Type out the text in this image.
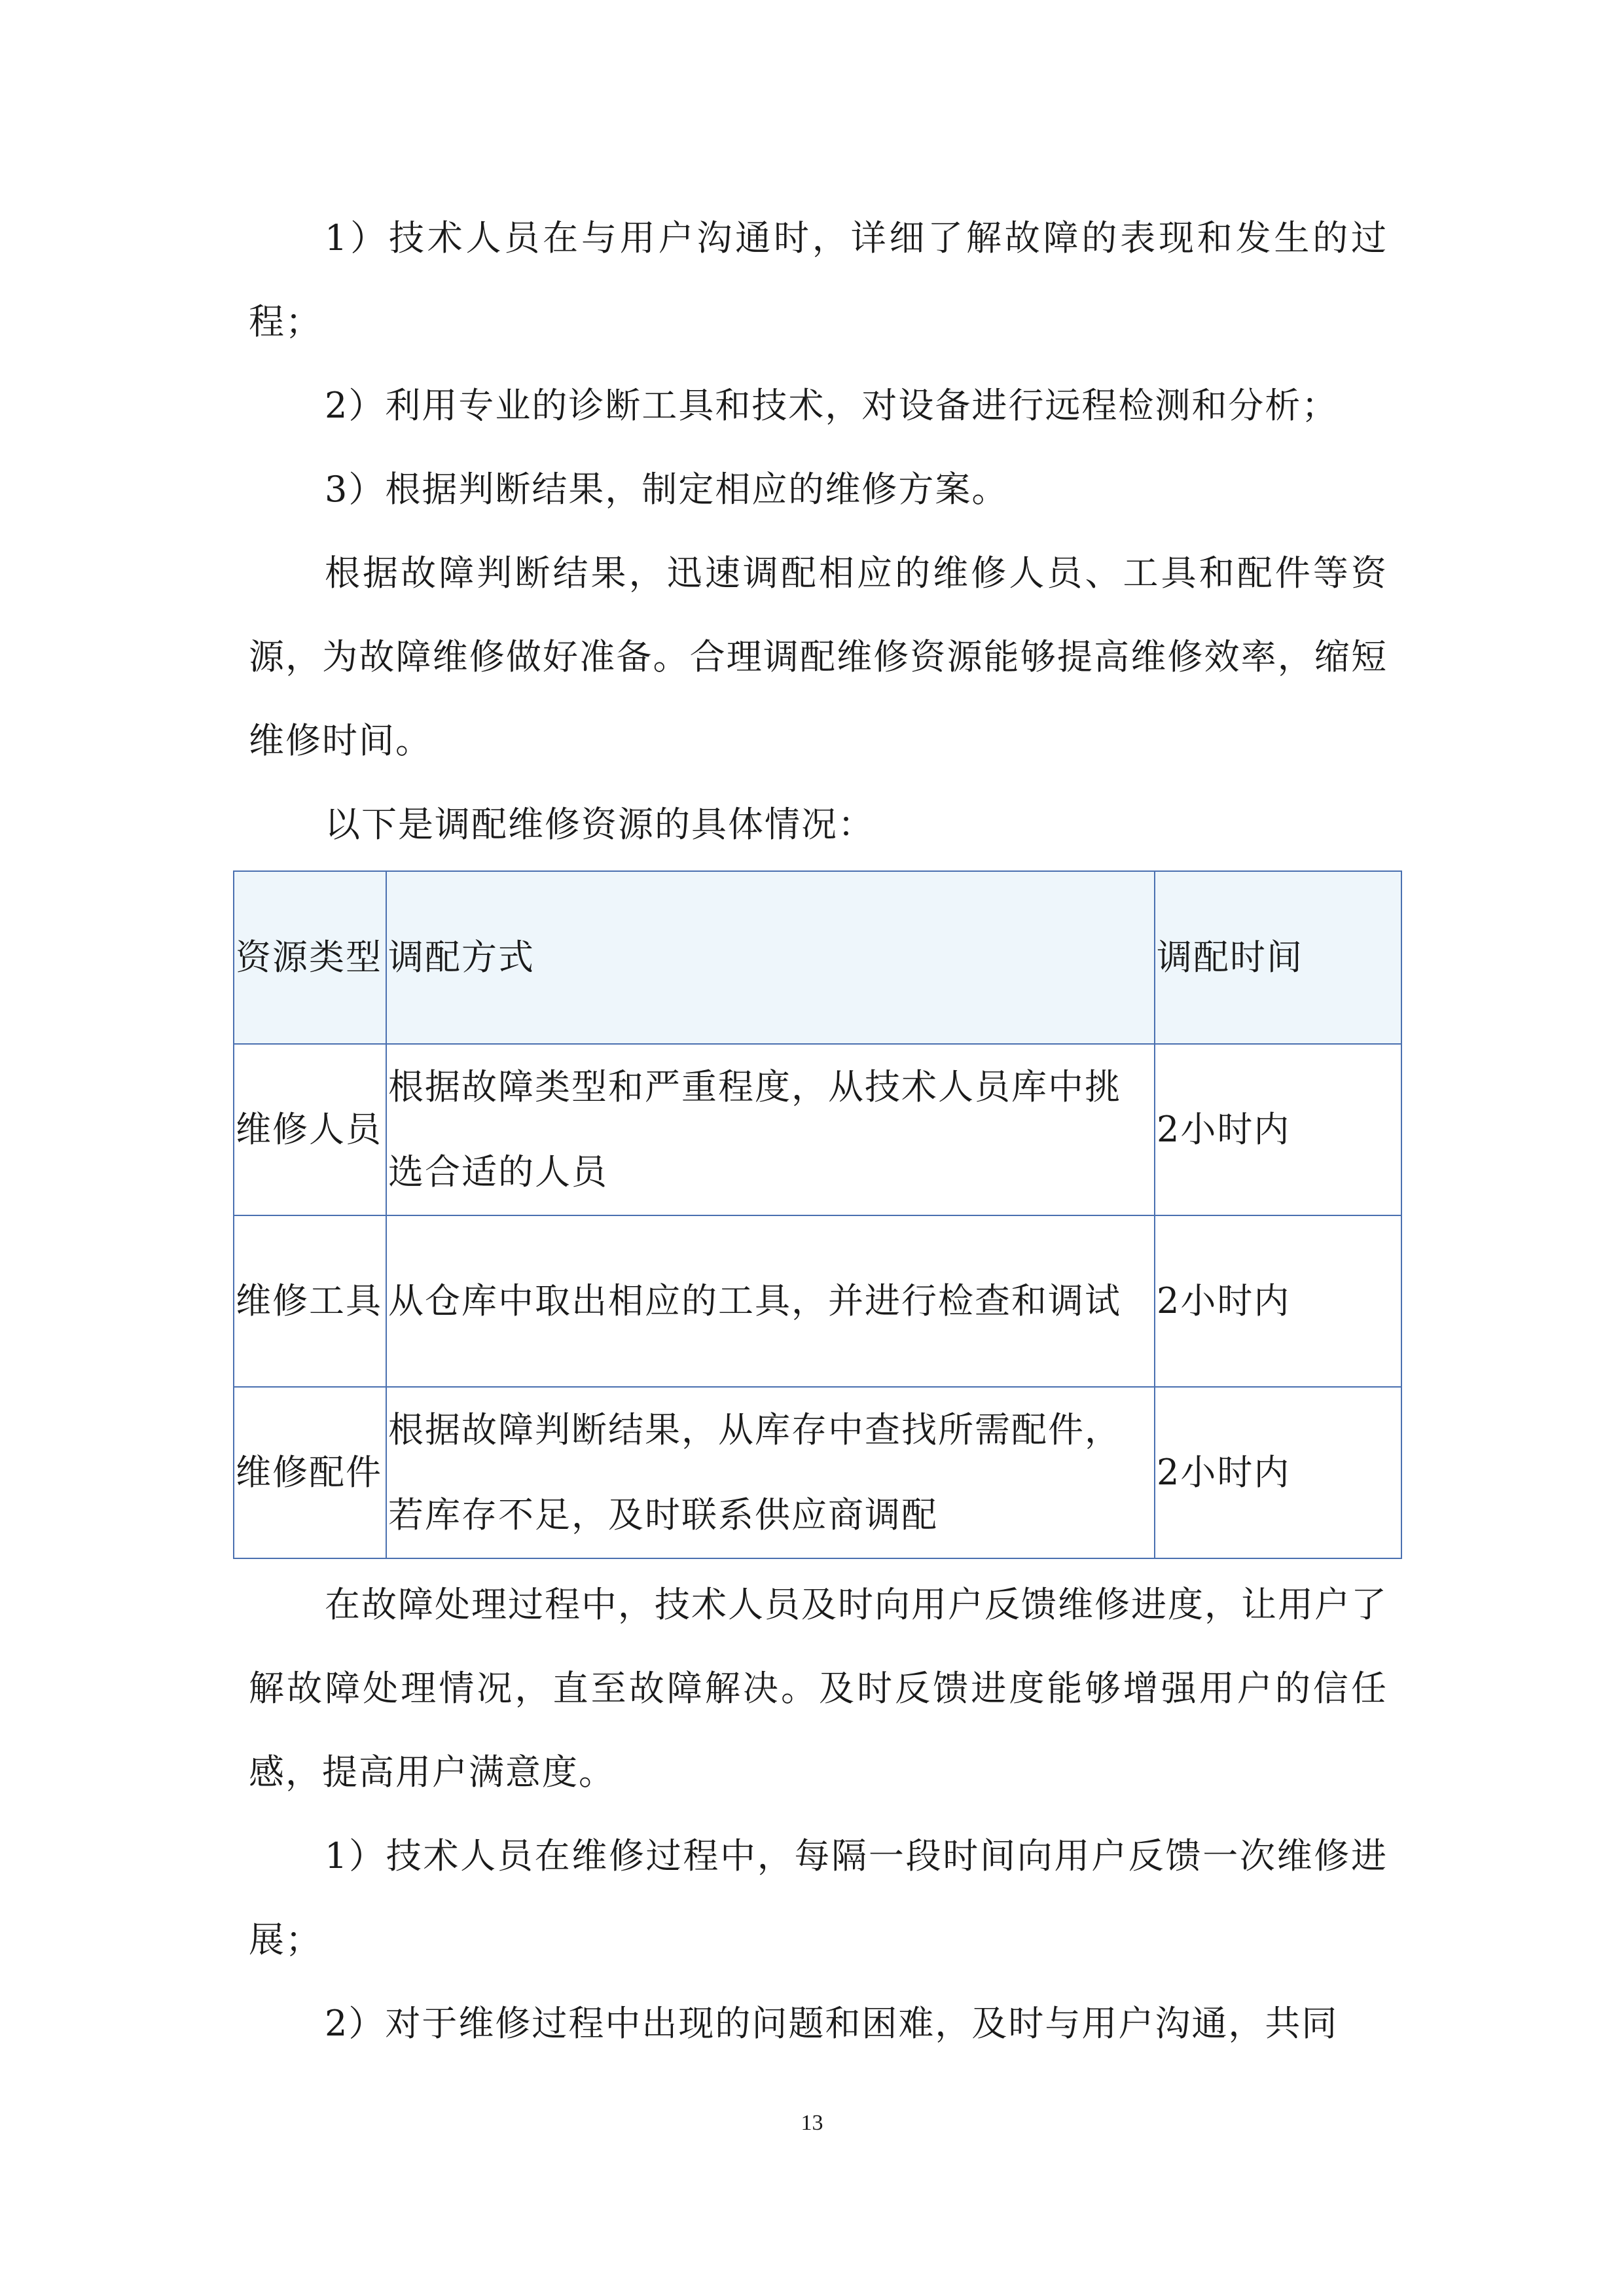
1）技术人员在与用户沟通时，详细了解故障的表现和发生的过程；

2）利用专业的诊断工具和技术，对设备进行远程检测和分析；

3）根据判断结果，制定相应的维修方案。

根据故障判断结果，迅速调配相应的维修人员、工具和配件等资源，为故障维修做好准备。合理调配维修资源能够提高维修效率，缩短维修时间。

以下是调配维修资源的具体情况：

资源类型	调配方式	调配时间
维修人员	根据故障类型和严重程度，从技术人员库中挑选合适的人员	2小时内
维修工具	从仓库中取出相应的工具，并进行检查和调试	2小时内
维修配件	根据故障判断结果，从库存中查找所需配件，若库存不足，及时联系供应商调配	2小时内

在故障处理过程中，技术人员及时向用户反馈维修进度，让用户了解故障处理情况，直至故障解决。及时反馈进度能够增强用户的信任感，提高用户满意度。

1）技术人员在维修过程中，每隔一段时间向用户反馈一次维修进展；

2）对于维修过程中出现的问题和困难，及时与用户沟通，共同

13
